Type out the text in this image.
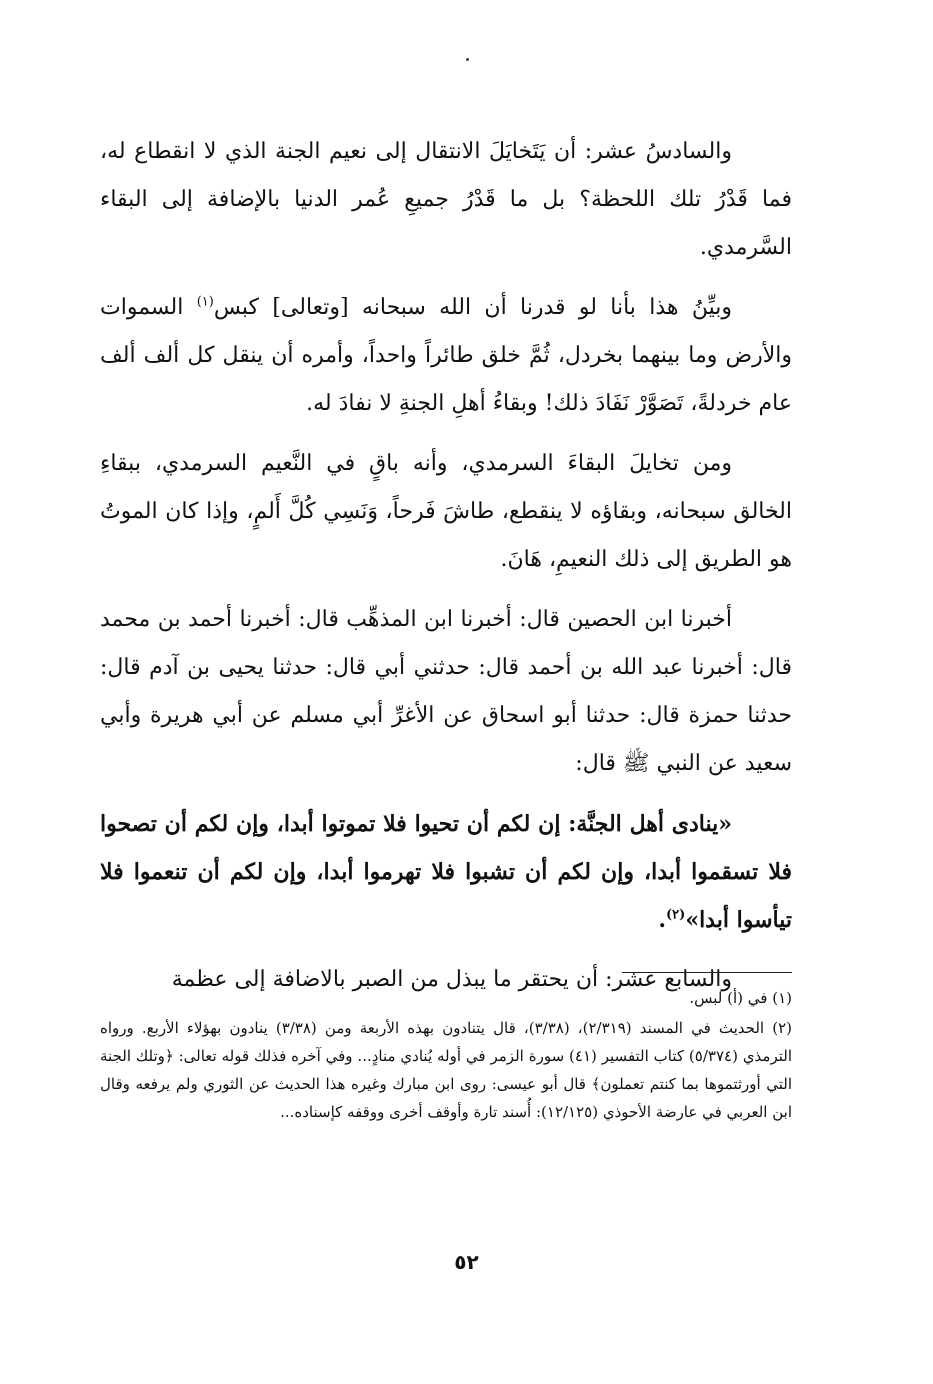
والسادسُ عشر: أن يَتَخايَلَ الانتقال إلى نعيم الجنة الذي لا انقطاع له، فما قَدْرُ تلك اللحظة؟ بل ما قَدْرُ جميعِ عُمر الدنيا بالإضافة إلى البقاء السَّرمدي.

وبيِّنُ هذا بأنا لو قدرنا أن الله سبحانه [وتعالى] كبس$^{(١)}$ السموات والأرض وما بينهما بخردل، ثُمَّ خلق طائراً واحداً، وأمره أن ينقل كل ألف ألف عام خردلةً، تَصَوَّرْ نَفَادَ ذلك! وبقاءُ أهلِ الجنةِ لا نفادَ له.

ومن تخايلَ البقاءَ السرمدي، وأنه باقٍ في النَّعيم السرمدي، ببقاءِ الخالق سبحانه، وبقاؤه لا ينقطع، طاشَ فَرحاً، وَنَسِي كُلَّ أَلمٍ، وإذا كان الموتُ هو الطريق إلى ذلك النعيمِ، هَانَ.

أخبرنا ابن الحصين قال: أخبرنا ابن المذهِّب قال: أخبرنا أحمد بن محمد قال: أخبرنا عبد الله بن أحمد قال: حدثني أبي قال: حدثنا يحيى بن آدم قال: حدثنا حمزة قال: حدثنا أبو اسحاق عن الأغرِّ أبي مسلم عن أبي هريرة وأبي سعيد عن النبي ﷺ قال:

«ينادى أهل الجنَّة: إن لكم أن تحيوا فلا تموتوا أبدا، وإن لكم أن تصحوا فلا تسقموا أبدا، وإن لكم أن تشبوا فلا تهرموا أبدا، وإن لكم أن تنعموا فلا تيأسوا أبدا»$^{(٢)}$.

والسابع عشر: أن يحتقر ما يبذل من الصبر بالاضافة إلى عظمة

(١) في (أ) لبس.

(٢) الحديث في المسند (٢/٣١٩)، (٣/٣٨)، قال يتنادون بهذه الأربعة ومن (٣/٣٨) ينادون بهؤلاء الأربع. ورواه الترمذي (٥/٣٧٤) كتاب التفسير (٤١) سورة الزمر في أوله يُنادي منادٍ... وفي آخره فذلك قوله تعالى: ﴿وتلك الجنة التي أورثتموها بما كنتم تعملون﴾ قال أبو عيسى: روى ابن مبارك وغيره هذا الحديث عن الثوري ولم يرفعه وقال ابن العربي في عارضة الأحوذي (١٢/١٢٥): أُسند تارة وأوقف أخرى ووقفه كإسناده...

٥٢
